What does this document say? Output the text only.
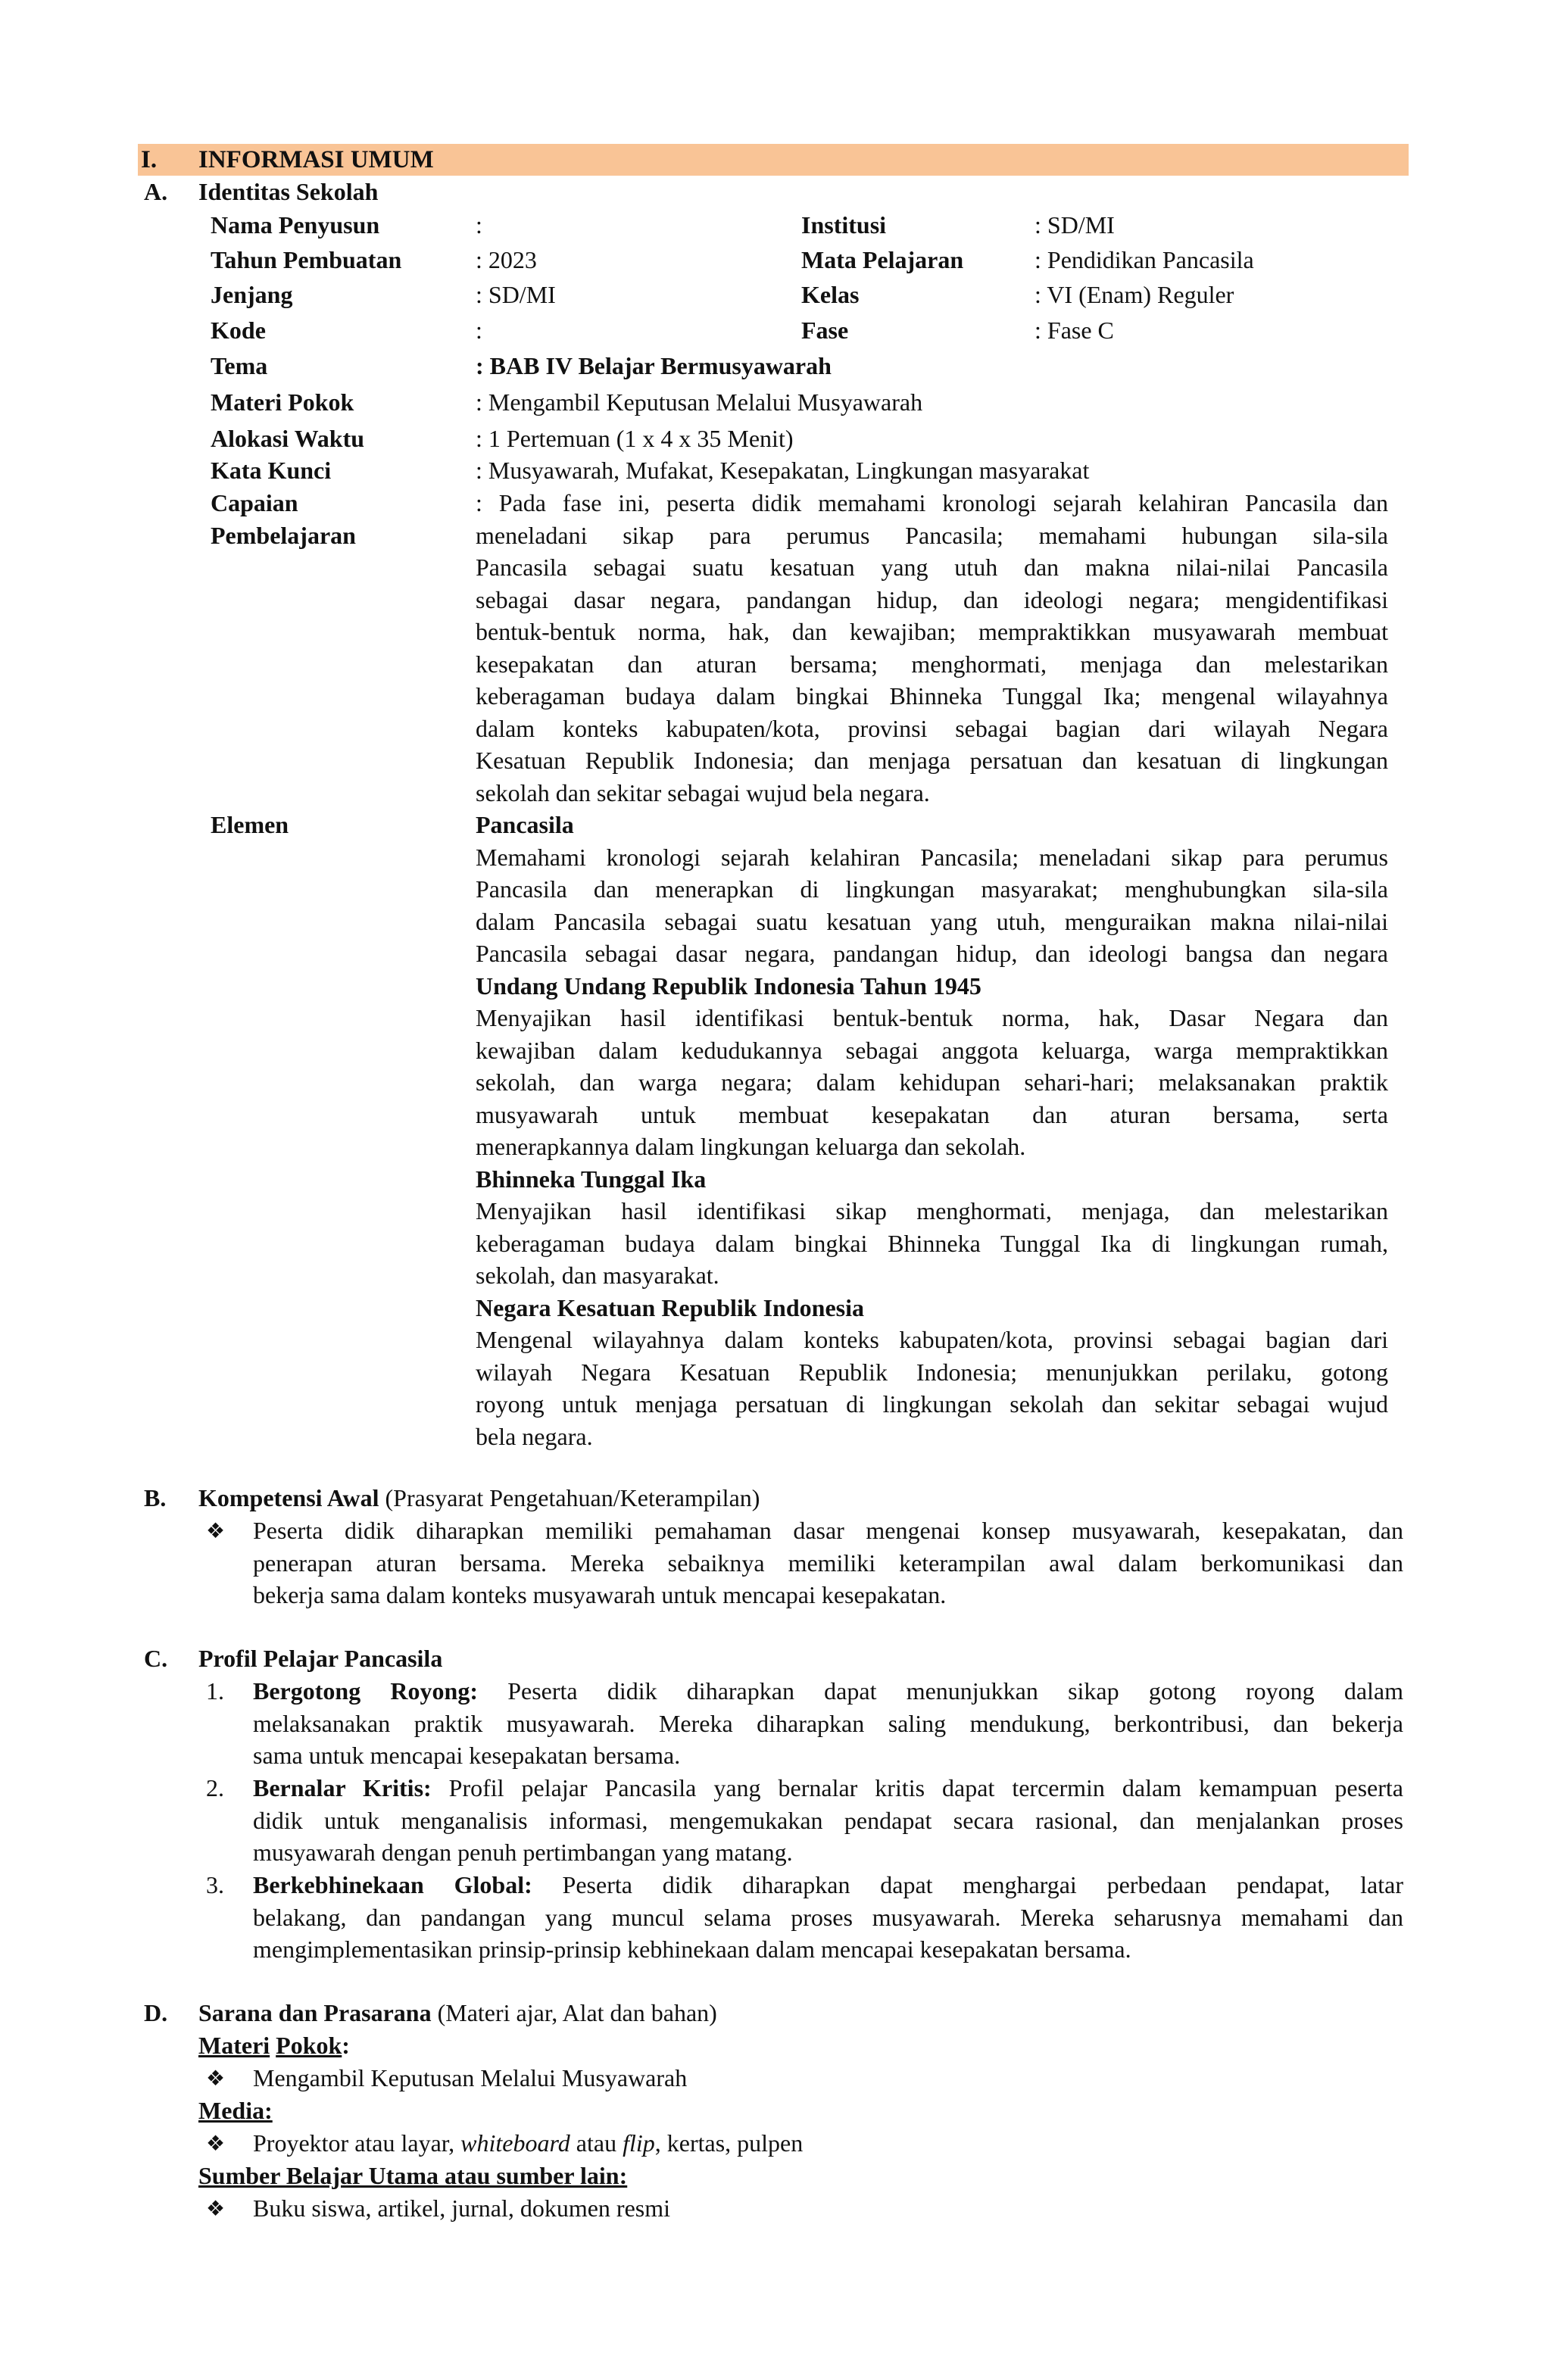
I. INFORMASI UMUM
A. Identitas Sekolah
Nama Penyusun	:	Institusi	: SD/MI
Tahun Pembuatan	: 2023	Mata Pelajaran	: Pendidikan Pancasila
Jenjang	: SD/MI	Kelas	: VI (Enam) Reguler
Kode	:	Fase	: Fase C
Tema	: BAB IV Belajar Bermusyawarah
Materi Pokok	: Mengambil Keputusan Melalui Musyawarah
Alokasi Waktu	: 1 Pertemuan (1 x 4 x 35 Menit)
Kata Kunci	: Musyawarah, Mufakat, Kesepakatan, Lingkungan masyarakat
Capaian
Pembelajaran
: Pada fase ini, peserta didik memahami kronologi sejarah kelahiran Pancasila dan
meneladani sikap para perumus Pancasila; memahami hubungan sila-sila
Pancasila sebagai suatu kesatuan yang utuh dan makna nilai-nilai Pancasila
sebagai dasar negara, pandangan hidup, dan ideologi negara; mengidentifikasi
bentuk-bentuk norma, hak, dan kewajiban; mempraktikkan musyawarah membuat
kesepakatan dan aturan bersama; menghormati, menjaga dan melestarikan
keberagaman budaya dalam bingkai Bhinneka Tunggal Ika; mengenal wilayahnya
dalam konteks kabupaten/kota, provinsi sebagai bagian dari wilayah Negara
Kesatuan Republik Indonesia; dan menjaga persatuan dan kesatuan di lingkungan
sekolah dan sekitar sebagai wujud bela negara.
Elemen	Pancasila
Memahami kronologi sejarah kelahiran Pancasila; meneladani sikap para perumus
Pancasila dan menerapkan di lingkungan masyarakat; menghubungkan sila-sila
dalam Pancasila sebagai suatu kesatuan yang utuh, menguraikan makna nilai-nilai
Pancasila sebagai dasar negara, pandangan hidup, dan ideologi bangsa dan negara
Undang Undang Republik Indonesia Tahun 1945
Menyajikan hasil identifikasi bentuk-bentuk norma, hak, Dasar Negara dan
kewajiban dalam kedudukannya sebagai anggota keluarga, warga mempraktikkan
sekolah, dan warga negara; dalam kehidupan sehari-hari; melaksanakan praktik
musyawarah untuk membuat kesepakatan dan aturan bersama, serta
menerapkannya dalam lingkungan keluarga dan sekolah.
Bhinneka Tunggal Ika
Menyajikan hasil identifikasi sikap menghormati, menjaga, dan melestarikan
keberagaman budaya dalam bingkai Bhinneka Tunggal Ika di lingkungan rumah,
sekolah, dan masyarakat.
Negara Kesatuan Republik Indonesia
Mengenal wilayahnya dalam konteks kabupaten/kota, provinsi sebagai bagian dari
wilayah Negara Kesatuan Republik Indonesia; menunjukkan perilaku, gotong
royong untuk menjaga persatuan di lingkungan sekolah dan sekitar sebagai wujud
bela negara.
B. Kompetensi Awal (Prasyarat Pengetahuan/Keterampilan)
❖ Peserta didik diharapkan memiliki pemahaman dasar mengenai konsep musyawarah, kesepakatan, dan
penerapan aturan bersama. Mereka sebaiknya memiliki keterampilan awal dalam berkomunikasi dan
bekerja sama dalam konteks musyawarah untuk mencapai kesepakatan.
C. Profil Pelajar Pancasila
1. Bergotong Royong: Peserta didik diharapkan dapat menunjukkan sikap gotong royong dalam
melaksanakan praktik musyawarah. Mereka diharapkan saling mendukung, berkontribusi, dan bekerja
sama untuk mencapai kesepakatan bersama.
2. Bernalar Kritis: Profil pelajar Pancasila yang bernalar kritis dapat tercermin dalam kemampuan peserta
didik untuk menganalisis informasi, mengemukakan pendapat secara rasional, dan menjalankan proses
musyawarah dengan penuh pertimbangan yang matang.
3. Berkebhinekaan Global: Peserta didik diharapkan dapat menghargai perbedaan pendapat, latar
belakang, dan pandangan yang muncul selama proses musyawarah. Mereka seharusnya memahami dan
mengimplementasikan prinsip-prinsip kebhinekaan dalam mencapai kesepakatan bersama.
D. Sarana dan Prasarana (Materi ajar, Alat dan bahan)
Materi Pokok:
❖ Mengambil Keputusan Melalui Musyawarah
Media:
❖ Proyektor atau layar, whiteboard atau flip, kertas, pulpen
Sumber Belajar Utama atau sumber lain:
❖ Buku siswa, artikel, jurnal, dokumen resmi
